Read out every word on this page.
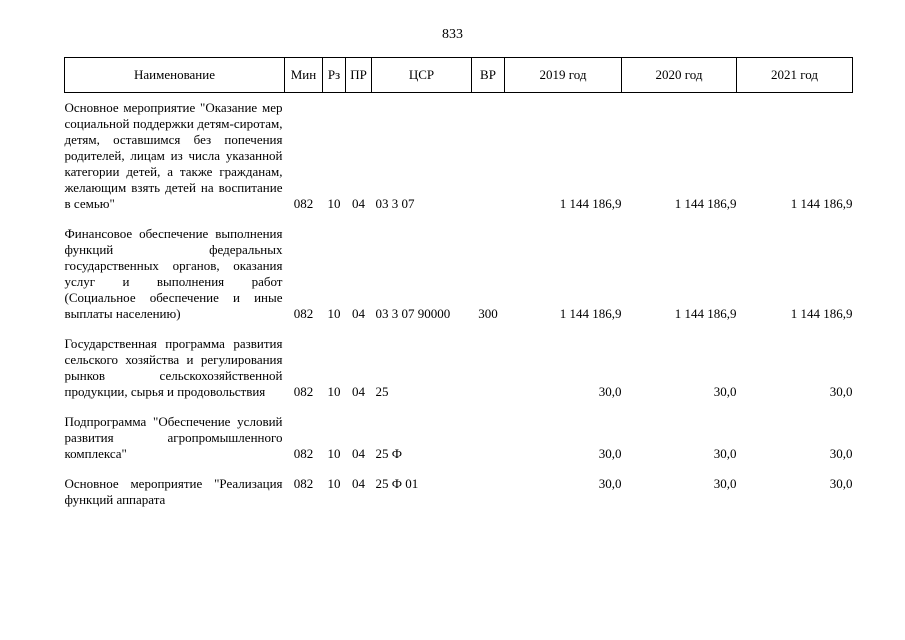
833
Наименование	Мин	Рз	ПР	ЦСР	ВР	2019 год	2020 год	2021 год

Основное мероприятие "Оказание мер социальной поддержки детям-сиротам, детям, оставшимся без попечения родителей, лицам из числа указанной категории детей, а также гражданам, желающим взять детей на воспитание в семью"	082	10	04	03 3 07		1 144 186,9	1 144 186,9	1 144 186,9

Финансовое обеспечение выполнения функций федеральных государственных органов, оказания услуг и выполнения работ (Социальное обеспечение и иные выплаты населению)	082	10	04	03 3 07 90000	300	1 144 186,9	1 144 186,9	1 144 186,9

Государственная программа развития сельского хозяйства и регулирования рынков сельскохозяйственной продукции, сырья и продовольствия	082	10	04	25		30,0	30,0	30,0

Подпрограмма "Обеспечение условий развития агропромышленного комплекса"	082	10	04	25 Ф		30,0	30,0	30,0

Основное мероприятие "Реализация функций аппарата	082	10	04	25 Ф 01		30,0	30,0	30,0
